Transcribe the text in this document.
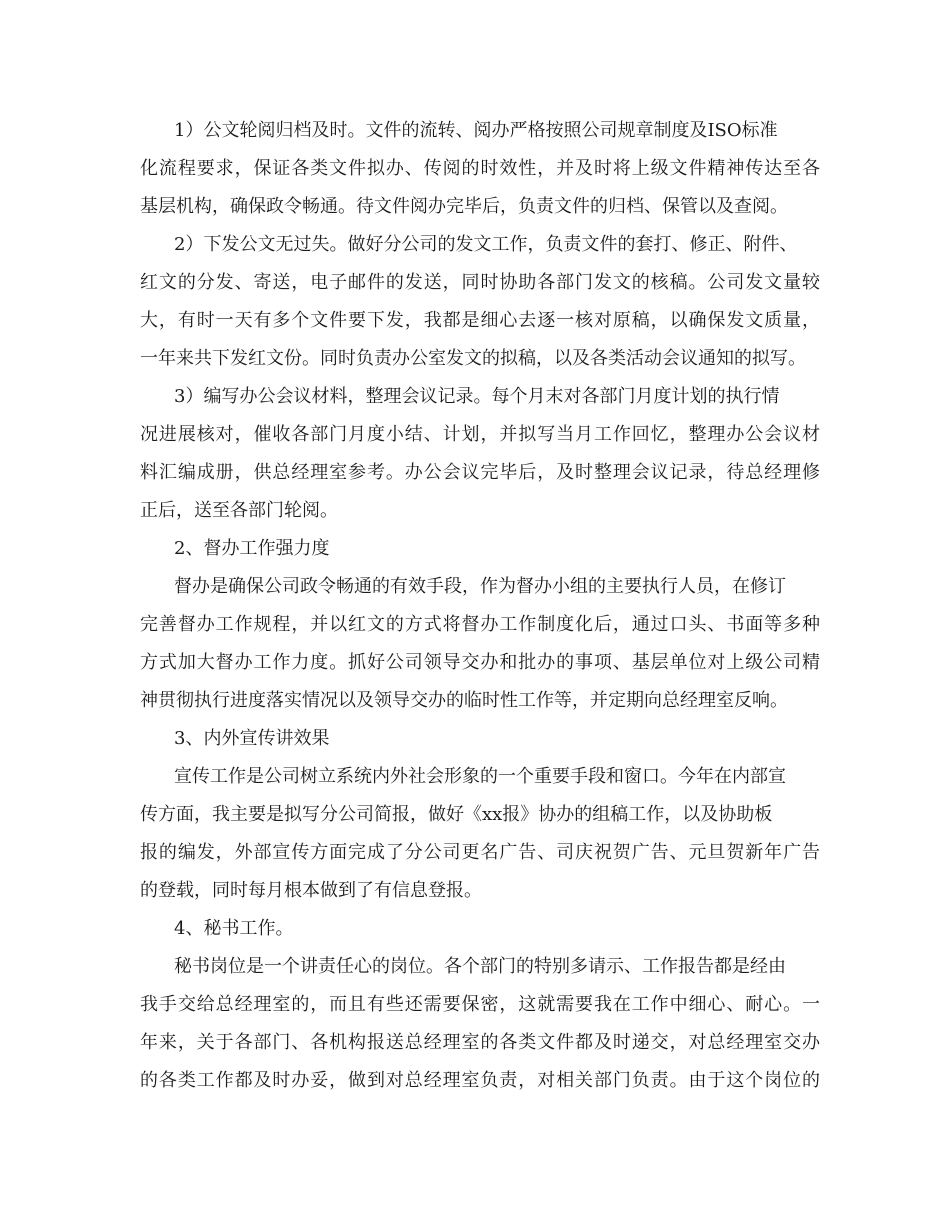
1）公文轮阅归档及时。文件的流转、阅办严格按照公司规章制度及ISO标准
化流程要求，保证各类文件拟办、传阅的时效性，并及时将上级文件精神传达至各
基层机构，确保政令畅通。待文件阅办完毕后，负责文件的归档、保管以及查阅。
2）下发公文无过失。做好分公司的发文工作，负责文件的套打、修正、附件、
红文的分发、寄送，电子邮件的发送，同时协助各部门发文的核稿。公司发文量较
大，有时一天有多个文件要下发，我都是细心去逐一核对原稿，以确保发文质量，
一年来共下发红文份。同时负责办公室发文的拟稿，以及各类活动会议通知的拟写。
3）编写办公会议材料，整理会议记录。每个月末对各部门月度计划的执行情
况进展核对，催收各部门月度小结、计划，并拟写当月工作回忆，整理办公会议材
料汇编成册，供总经理室参考。办公会议完毕后，及时整理会议记录，待总经理修
正后，送至各部门轮阅。
2、督办工作强力度
督办是确保公司政令畅通的有效手段，作为督办小组的主要执行人员，在修订
完善督办工作规程，并以红文的方式将督办工作制度化后，通过口头、书面等多种
方式加大督办工作力度。抓好公司领导交办和批办的事项、基层单位对上级公司精
神贯彻执行进度落实情况以及领导交办的临时性工作等，并定期向总经理室反响。
3、内外宣传讲效果
宣传工作是公司树立系统内外社会形象的一个重要手段和窗口。今年在内部宣
传方面，我主要是拟写分公司简报，做好《xx报》协办的组稿工作，以及协助板
报的编发，外部宣传方面完成了分公司更名广告、司庆祝贺广告、元旦贺新年广告
的登载，同时每月根本做到了有信息登报。
4、秘书工作。
秘书岗位是一个讲责任心的岗位。各个部门的特别多请示、工作报告都是经由
我手交给总经理室的，而且有些还需要保密，这就需要我在工作中细心、耐心。一
年来，关于各部门、各机构报送总经理室的各类文件都及时递交，对总经理室交办
的各类工作都及时办妥，做到对总经理室负责，对相关部门负责。由于这个岗位的
